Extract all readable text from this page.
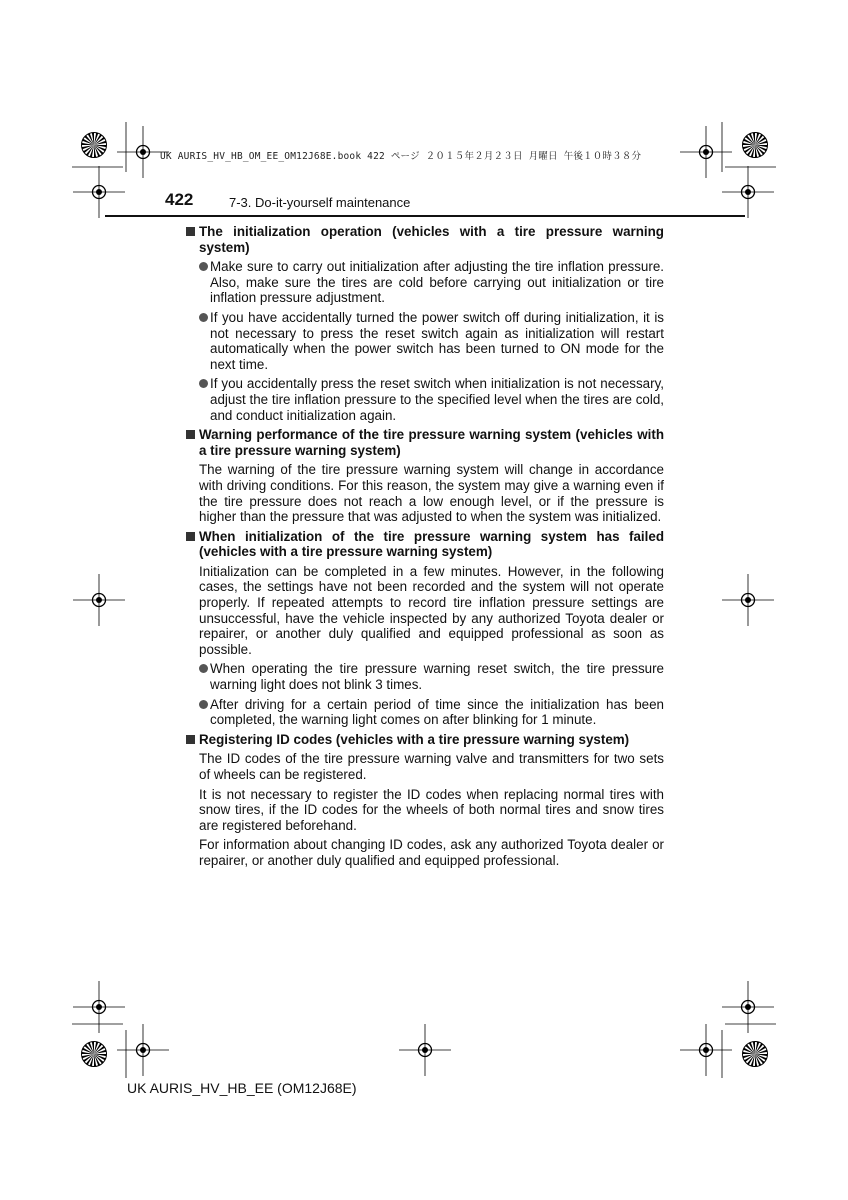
UK AURIS_HV_HB_OM_EE_OM12J68E.book 422 ページ ２０１５年２月２３日 月曜日 午後１０時３８分
422	7-3. Do-it-yourself maintenance
The initialization operation (vehicles with a tire pressure warning system)
Make sure to carry out initialization after adjusting the tire inflation pressure. Also, make sure the tires are cold before carrying out initialization or tire inflation pressure adjustment.
If you have accidentally turned the power switch off during initialization, it is not necessary to press the reset switch again as initialization will restart automatically when the power switch has been turned to ON mode for the next time.
If you accidentally press the reset switch when initialization is not necessary, adjust the tire inflation pressure to the specified level when the tires are cold, and conduct initialization again.
Warning performance of the tire pressure warning system (vehicles with a tire pressure warning system)

The warning of the tire pressure warning system will change in accordance with driving conditions. For this reason, the system may give a warning even if the tire pressure does not reach a low enough level, or if the pressure is higher than the pressure that was adjusted to when the system was initialized.

When initialization of the tire pressure warning system has failed (vehicles with a tire pressure warning system)

Initialization can be completed in a few minutes. However, in the following cases, the settings have not been recorded and the system will not operate properly. If repeated attempts to record tire inflation pressure settings are unsuccessful, have the vehicle inspected by any authorized Toyota dealer or repairer, or another duly qualified and equipped professional as soon as possible.

When operating the tire pressure warning reset switch, the tire pressure warning light does not blink 3 times.
After driving for a certain period of time since the initialization has been completed, the warning light comes on after blinking for 1 minute.
Registering ID codes (vehicles with a tire pressure warning system)

The ID codes of the tire pressure warning valve and transmitters for two sets of wheels can be registered.

It is not necessary to register the ID codes when replacing normal tires with snow tires, if the ID codes for the wheels of both normal tires and snow tires are registered beforehand.

For information about changing ID codes, ask any authorized Toyota dealer or repairer, or another duly qualified and equipped professional.

UK AURIS_HV_HB_EE (OM12J68E)
